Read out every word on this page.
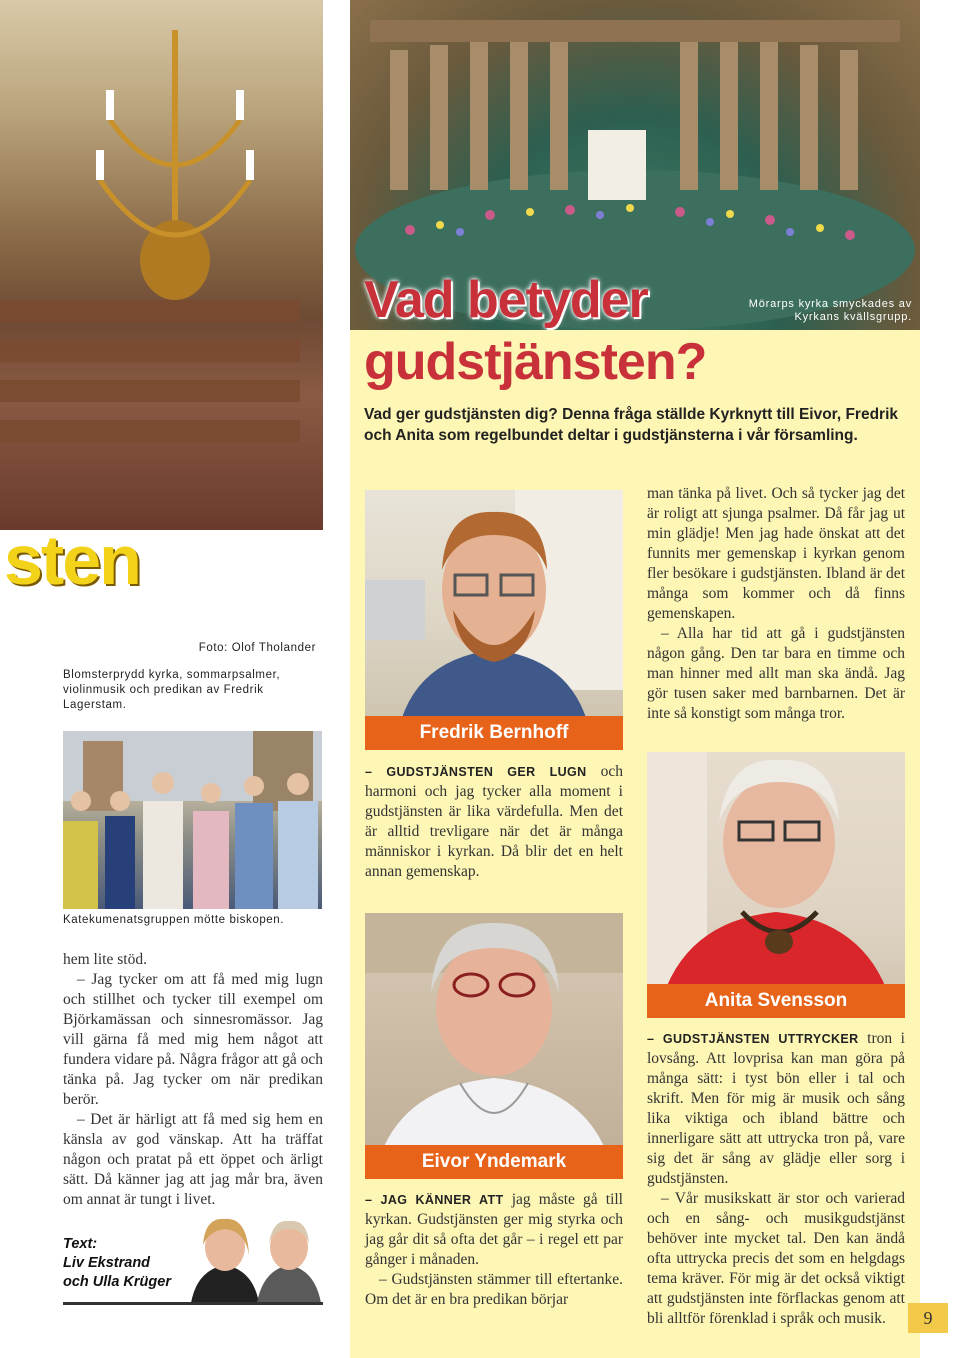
Mörarps kyrka smyckades av Kyrkans kvällsgrupp.
Vad betyder
gudstjänsten?
sten
Vad ger gudstjänsten dig? Denna fråga ställde Kyrknytt till Eivor, Fredrik och Anita som regelbundet deltar i gudstjänsterna i vår församling.
Foto: Olof Tholander
Blomsterprydd kyrka, sommarpsalmer, violinmusik och predikan av Fredrik Lagerstam.
Katekumenatsgruppen mötte biskopen.
Fredrik Bernhoff

– GUDSTJÄNSTEN GER LUGN och harmoni och jag tycker alla moment i gudstjänsten är lika värdefulla. Men det är alltid trevligare när det är många människor i kyrkan. Då blir det en helt annan gemenskap.

man tänka på livet. Och så tycker jag det är roligt att sjunga psalmer. Då får jag ut min glädje! Men jag hade önskat att det funnits mer gemenskap i kyrkan genom fler besökare i gudstjänsten. Ibland är det många som kommer och då finns gemenskapen.

– Alla har tid att gå i gudstjänsten någon gång. Den tar bara en timme och man hinner med allt man ska ändå. Jag gör tusen saker med barnbarnen. Det är inte så konstigt som många tror.

Anita Svensson

– GUDSTJÄNSTEN UTTRYCKER tron i lovsång. Att lovprisa kan man göra på många sätt: i tyst bön eller i tal och skrift. Men för mig är musik och sång lika viktiga och ibland bättre och innerligare sätt att uttrycka tron på, vare sig det är sång av glädje eller sorg i gudstjänsten.

– Vår musikskatt är stor och varierad och en sång- och musikgudstjänst behöver inte mycket tal. Den kan ändå ofta uttrycka precis det som en helgdags tema kräver. För mig är det också viktigt att gudstjänsten inte förflackas genom att bli alltför förenklad i språk och musik.

Eivor Yndemark

– JAG KÄNNER ATT jag måste gå till kyrkan. Gudstjänsten ger mig styrka och jag går dit så ofta det går – i regel ett par gånger i månaden.

– Gudstjänsten stämmer till eftertanke. Om det är en bra predikan börjar

hem lite stöd.

– Jag tycker om att få med mig lugn och stillhet och tycker till exempel om Björkamässan och sinnesromässor. Jag vill gärna få med mig hem något att fundera vidare på. Några frågor att gå och tänka på. Jag tycker om när predikan berör.

– Det är härligt att få med sig hem en känsla av god vänskap. Att ha träffat någon och pratat på ett öppet och ärligt sätt. Då känner jag att jag mår bra, även om annat är tungt i livet.

Text:
Liv Ekstrand
och Ulla Krüger
9
